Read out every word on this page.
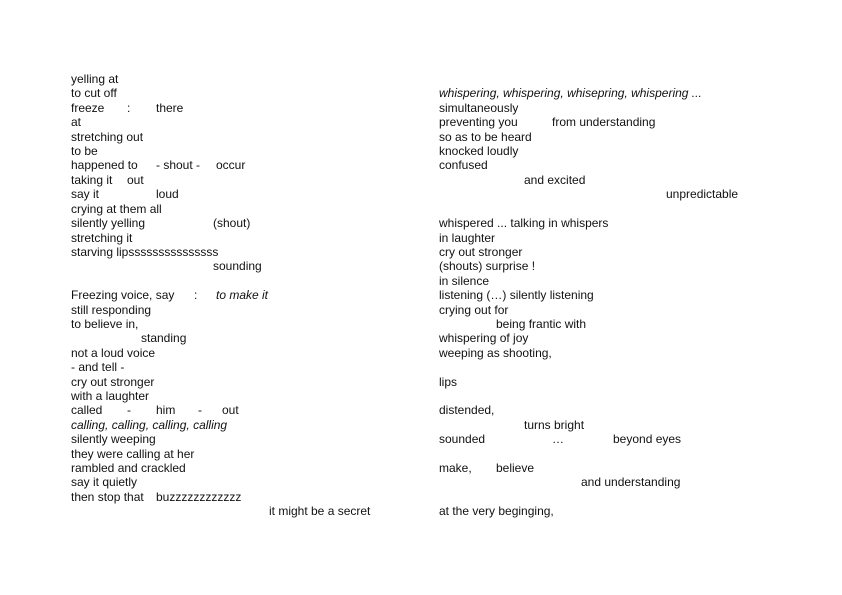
yelling at
to cut off
freeze : there
at
stretching out
to be
happened to - shout - occur
taking it out
say it	loud
crying at them all
silently yelling	(shout)
stretching it
starving lipsssssssssssssss
sounding
Freezing voice, say : to make it
still responding
to believe in,
standing
not a loud voice
- and tell -
cry out stronger
with a laughter
called - him - out
calling, calling, calling, calling
silently weeping
they were calling at her
rambled and crackled
say it quietly
then stop that buzzzzzzzzzzzz
it might be a secret
whispering, whispering, whisepring, whispering ...
simultaneously
preventing you	from understanding
so as to be heard
knocked loudly
confused
and excited
unpredictable
whispered ... talking in whispers
in laughter
cry out stronger
(shouts) surprise !
in silence
listening (…) silently listening
crying out for
being frantic with
whispering of joy
weeping as shooting,
lips
distended,
turns bright
sounded	…	beyond eyes
make, believe
and understanding
at the very beginging,
